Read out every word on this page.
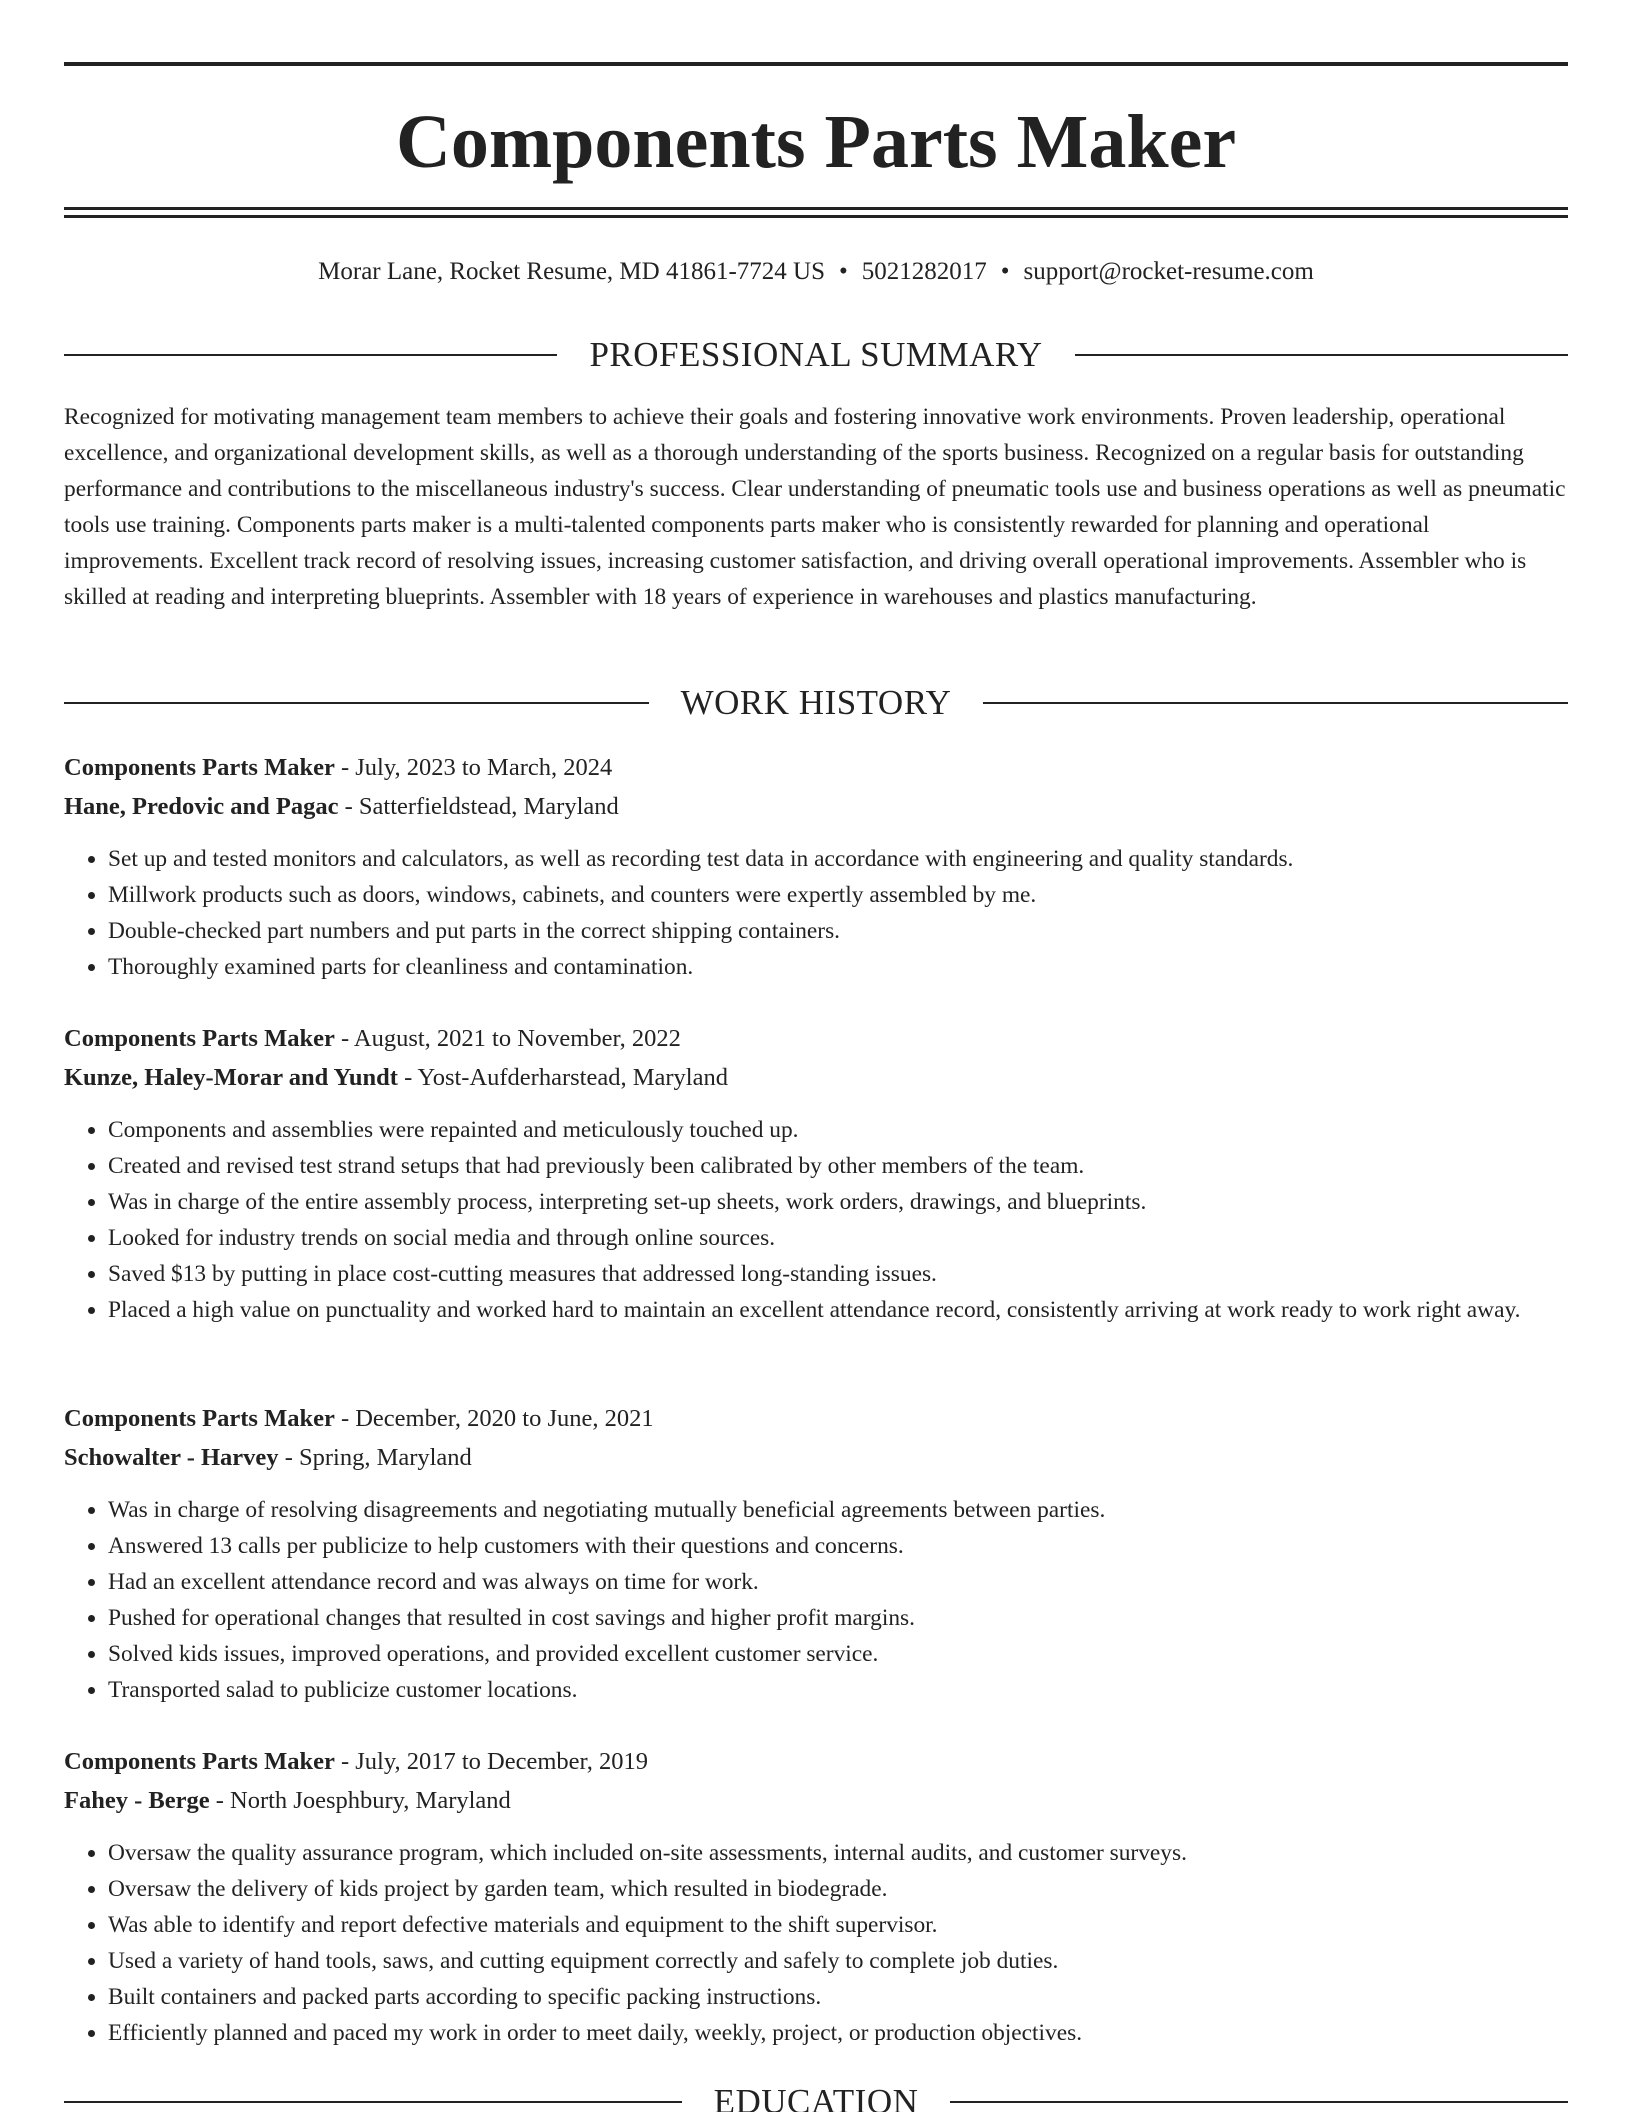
Components Parts Maker
Morar Lane, Rocket Resume, MD 41861-7724 US • 5021282017 • support@rocket-resume.com
PROFESSIONAL SUMMARY

Recognized for motivating management team members to achieve their goals and fostering innovative work environments. Proven leadership, operational excellence, and organizational development skills, as well as a thorough understanding of the sports business. Recognized on a regular basis for outstanding performance and contributions to the miscellaneous industry's success. Clear understanding of pneumatic tools use and business operations as well as pneumatic tools use training. Components parts maker is a multi-talented components parts maker who is consistently rewarded for planning and operational improvements. Excellent track record of resolving issues, increasing customer satisfaction, and driving overall operational improvements. Assembler who is skilled at reading and interpreting blueprints. Assembler with 18 years of experience in warehouses and plastics manufacturing.

WORK HISTORY
Components Parts Maker - July, 2023 to March, 2024
Hane, Predovic and Pagac - Satterfieldstead, Maryland
• Set up and tested monitors and calculators, as well as recording test data in accordance with engineering and quality standards.
• Millwork products such as doors, windows, cabinets, and counters were expertly assembled by me.
• Double-checked part numbers and put parts in the correct shipping containers.
• Thoroughly examined parts for cleanliness and contamination.
Components Parts Maker - August, 2021 to November, 2022
Kunze, Haley-Morar and Yundt - Yost-Aufderharstead, Maryland
• Components and assemblies were repainted and meticulously touched up.
• Created and revised test strand setups that had previously been calibrated by other members of the team.
• Was in charge of the entire assembly process, interpreting set-up sheets, work orders, drawings, and blueprints.
• Looked for industry trends on social media and through online sources.
• Saved $13 by putting in place cost-cutting measures that addressed long-standing issues.
• Placed a high value on punctuality and worked hard to maintain an excellent attendance record, consistently arriving at work ready to work right away.
Components Parts Maker - December, 2020 to June, 2021
Schowalter - Harvey - Spring, Maryland
• Was in charge of resolving disagreements and negotiating mutually beneficial agreements between parties.
• Answered 13 calls per publicize to help customers with their questions and concerns.
• Had an excellent attendance record and was always on time for work.
• Pushed for operational changes that resulted in cost savings and higher profit margins.
• Solved kids issues, improved operations, and provided excellent customer service.
• Transported salad to publicize customer locations.
Components Parts Maker - July, 2017 to December, 2019
Fahey - Berge - North Joesphbury, Maryland
• Oversaw the quality assurance program, which included on-site assessments, internal audits, and customer surveys.
• Oversaw the delivery of kids project by garden team, which resulted in biodegrade.
• Was able to identify and report defective materials and equipment to the shift supervisor.
• Used a variety of hand tools, saws, and cutting equipment correctly and safely to complete job duties.
• Built containers and packed parts according to specific packing instructions.
• Efficiently planned and paced my work in order to meet daily, weekly, project, or production objectives.
EDUCATION
